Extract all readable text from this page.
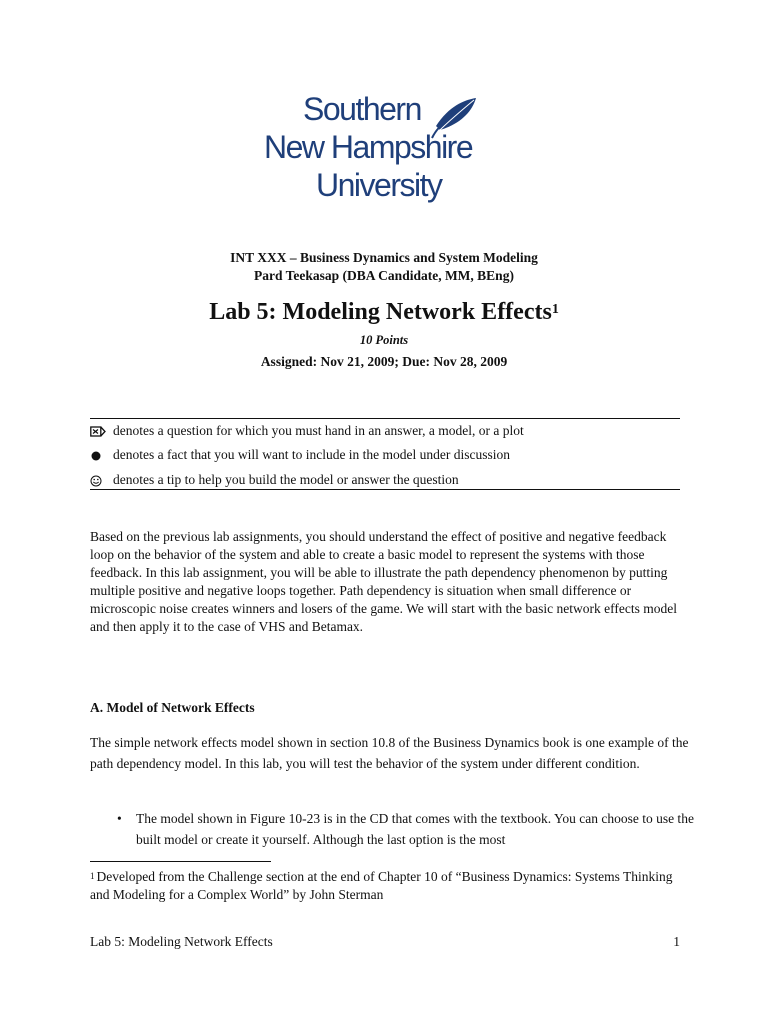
Southern
New Hampshire
University
INT XXX – Business Dynamics and System Modeling
Pard Teekasap (DBA Candidate, MM, BEng)
Lab 5: Modeling Network Effects$^1$
10 Points
Assigned: Nov 21, 2009; Due: Nov 28, 2009
denotes a question for which you must hand in an answer, a model, or a plot
denotes a fact that you will want to include in the model under discussion
denotes a tip to help you build the model or answer the question
Based on the previous lab assignments, you should understand the effect of positive and negative feedback loop on the behavior of the system and able to create a basic model to represent the systems with those feedback. In this lab assignment, you will be able to illustrate the path dependency phenomenon by putting multiple positive and negative loops together. Path dependency is situation when small difference or microscopic noise creates winners and losers of the game. We will start with the basic network effects model and then apply it to the case of VHS and Betamax.
A. Model of Network Effects
The simple network effects model shown in section 10.8 of the Business Dynamics book is one example of the path dependency model. In this lab, you will test the behavior of the system under different condition.
•	The model shown in Figure 10-23 is in the CD that comes with the textbook. You can choose to use the built model or create it yourself. Although the last option is the most
$^1$ Developed from the Challenge section at the end of Chapter 10 of “Business Dynamics: Systems Thinking and Modeling for a Complex World” by John Sterman
Lab 5: Modeling Network Effects	1
